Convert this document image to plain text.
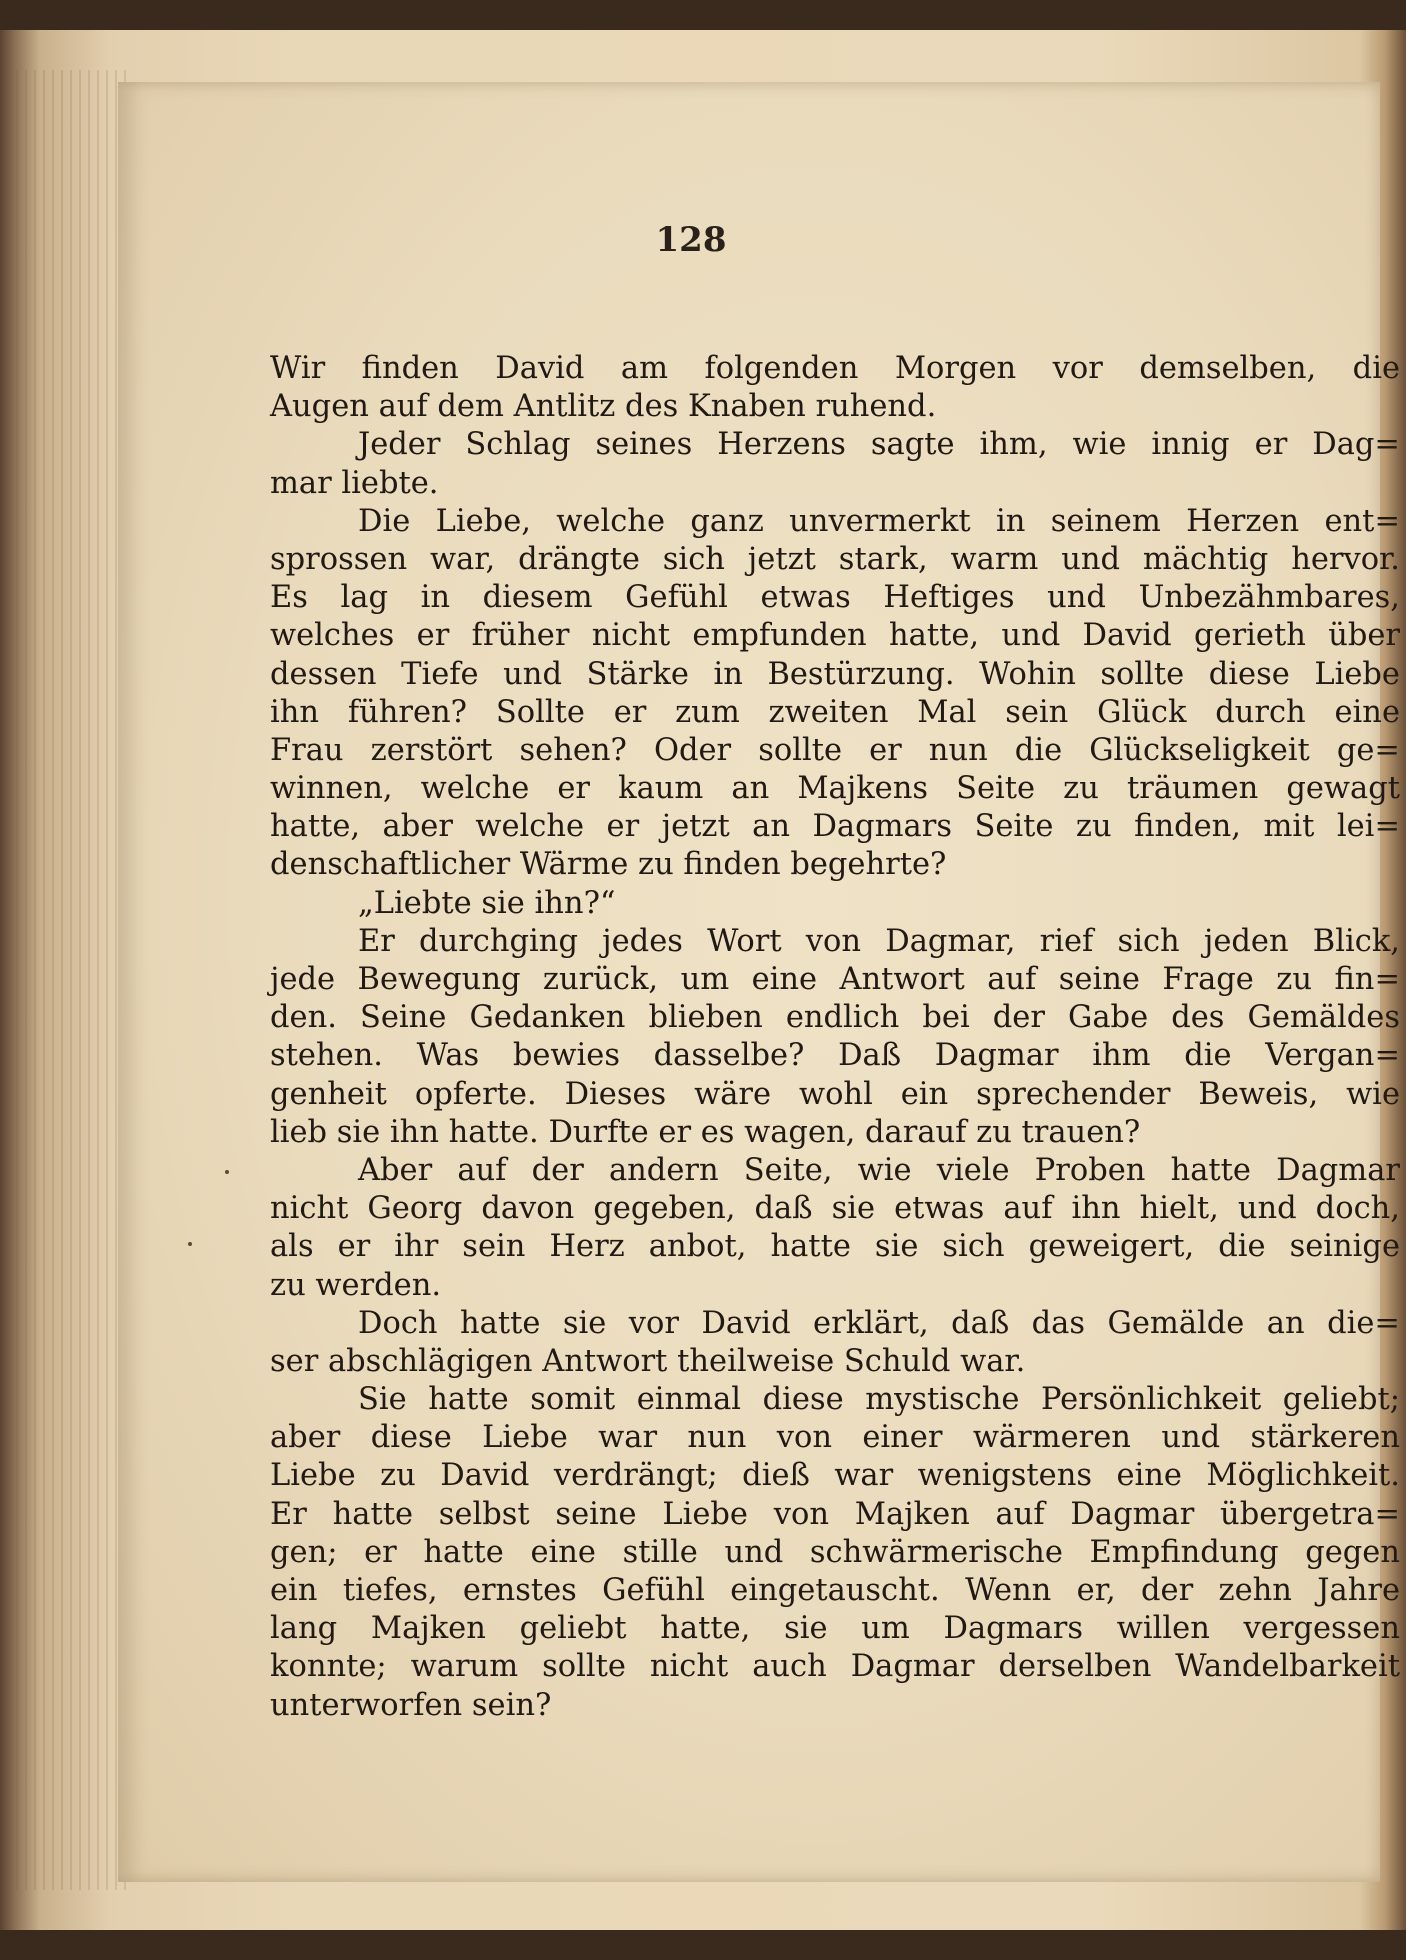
128
Wir finden David am folgenden Morgen vor demselben, die
Augen auf dem Antlitz des Knaben ruhend.
Jeder Schlag seines Herzens sagte ihm, wie innig er Dag=
mar liebte.
Die Liebe, welche ganz unvermerkt in seinem Herzen ent=
sprossen war, drängte sich jetzt stark, warm und mächtig hervor.
Es lag in diesem Gefühl etwas Heftiges und Unbezähmbares,
welches er früher nicht empfunden hatte, und David gerieth über
dessen Tiefe und Stärke in Bestürzung. Wohin sollte diese Liebe
ihn führen? Sollte er zum zweiten Mal sein Glück durch eine
Frau zerstört sehen? Oder sollte er nun die Glückseligkeit ge=
winnen, welche er kaum an Majkens Seite zu träumen gewagt
hatte, aber welche er jetzt an Dagmars Seite zu finden, mit lei=
denschaftlicher Wärme zu finden begehrte?
„Liebte sie ihn?“
Er durchging jedes Wort von Dagmar, rief sich jeden Blick,
jede Bewegung zurück, um eine Antwort auf seine Frage zu fin=
den. Seine Gedanken blieben endlich bei der Gabe des Gemäldes
stehen. Was bewies dasselbe? Daß Dagmar ihm die Vergan=
genheit opferte. Dieses wäre wohl ein sprechender Beweis, wie
lieb sie ihn hatte. Durfte er es wagen, darauf zu trauen?
Aber auf der andern Seite, wie viele Proben hatte Dagmar
nicht Georg davon gegeben, daß sie etwas auf ihn hielt, und doch,
als er ihr sein Herz anbot, hatte sie sich geweigert, die seinige
zu werden.
Doch hatte sie vor David erklärt, daß das Gemälde an die=
ser abschlägigen Antwort theilweise Schuld war.
Sie hatte somit einmal diese mystische Persönlichkeit geliebt;
aber diese Liebe war nun von einer wärmeren und stärkeren
Liebe zu David verdrängt; dieß war wenigstens eine Möglichkeit.
Er hatte selbst seine Liebe von Majken auf Dagmar übergetra=
gen; er hatte eine stille und schwärmerische Empfindung gegen
ein tiefes, ernstes Gefühl eingetauscht. Wenn er, der zehn Jahre
lang Majken geliebt hatte, sie um Dagmars willen vergessen
konnte; warum sollte nicht auch Dagmar derselben Wandelbarkeit
unterworfen sein?
